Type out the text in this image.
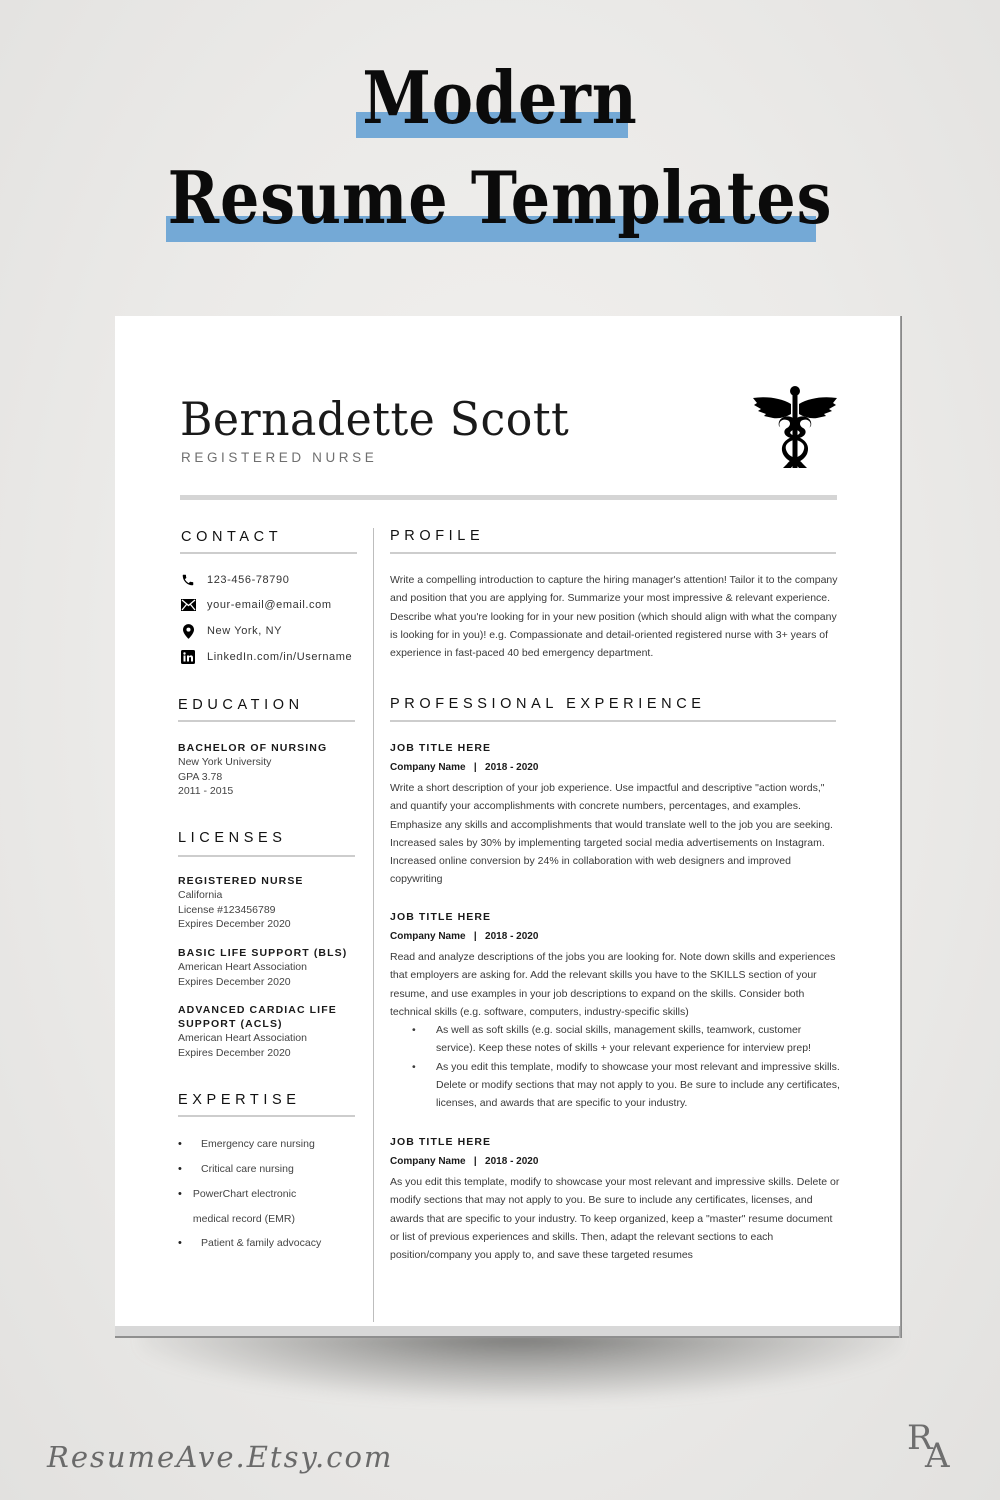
Modern
Resume Templates
Bernadette Scott
REGISTERED NURSE
CONTACT
123-456-78790
your-email@email.com
New York, NY
LinkedIn.com/in/Username
EDUCATION
BACHELOR OF NURSING
New York University
GPA 3.78
2011 - 2015
LICENSES
REGISTERED NURSE
California
License #123456789
Expires December 2020
BASIC LIFE SUPPORT (BLS)
American Heart Association
Expires December 2020
ADVANCED CARDIAC LIFE SUPPORT (ACLS)
American Heart Association
Expires December 2020
EXPERTISE
•	Emergency care nursing
•	Critical care nursing
•	PowerChart electronic medical record (EMR)
•	Patient & family advocacy
PROFILE
Write a compelling introduction to capture the hiring manager's attention! Tailor it to the company and position that you are applying for. Summarize your most impressive & relevant experience. Describe what you're looking for in your new position (which should align with what the company is looking for in you)! e.g. Compassionate and detail-oriented registered nurse with 3+ years of experience in fast-paced 40 bed emergency department.
PROFESSIONAL EXPERIENCE
JOB TITLE HERE
Company Name   |   2018 - 2020
Write a short description of your job experience. Use impactful and descriptive "action words," and quantify your accomplishments with concrete numbers, percentages, and examples. Emphasize any skills and accomplishments that would translate well to the job you are seeking. Increased sales by 30% by implementing targeted social media advertisements on Instagram. Increased online conversion by 24% in collaboration with web designers and improved copywriting
JOB TITLE HERE
Company Name   |   2018 - 2020
Read and analyze descriptions of the jobs you are looking for. Note down skills and experiences that employers are asking for. Add the relevant skills you have to the SKILLS section of your resume, and use examples in your job descriptions to expand on the skills. Consider both technical skills (e.g. software, computers, industry-specific skills)
•	As well as soft skills (e.g. social skills, management skills, teamwork, customer service). Keep these notes of skills + your relevant experience for interview prep!
•	As you edit this template, modify to showcase your most relevant and impressive skills. Delete or modify sections that may not apply to you. Be sure to include any certificates, licenses, and awards that are specific to your industry.
JOB TITLE HERE
Company Name   |   2018 - 2020
As you edit this template, modify to showcase your most relevant and impressive skills. Delete or modify sections that may not apply to you. Be sure to include any certificates, licenses, and awards that are specific to your industry. To keep organized, keep a "master" resume document or list of previous experiences and skills. Then, adapt the relevant sections to each position/company you apply to, and save these targeted resumes
ResumeAve.Etsy.com	R
A
